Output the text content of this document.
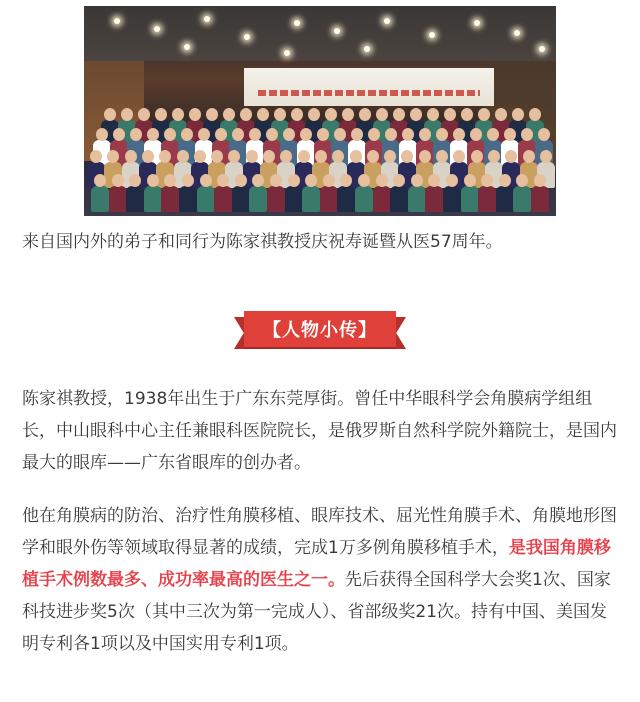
来自国内外的弟子和同行为陈家祺教授庆祝寿诞暨从医57周年。

【人物小传】

陈家祺教授，1938年出生于广东东莞厚街。曾任中华眼科学会角膜病学组组长，中山眼科中心主任兼眼科医院院长，是俄罗斯自然科学院外籍院士，是国内最大的眼库——广东省眼库的创办者。

他在角膜病的防治、治疗性角膜移植、眼库技术、屈光性角膜手术、角膜地形图学和眼外伤等领域取得显著的成绩，完成1万多例角膜移植手术，是我国角膜移植手术例数最多、成功率最高的医生之一。先后获得全国科学大会奖1次、国家科技进步奖5次（其中三次为第一完成人）、省部级奖21次。持有中国、美国发明专利各1项以及中国实用专利1项。
